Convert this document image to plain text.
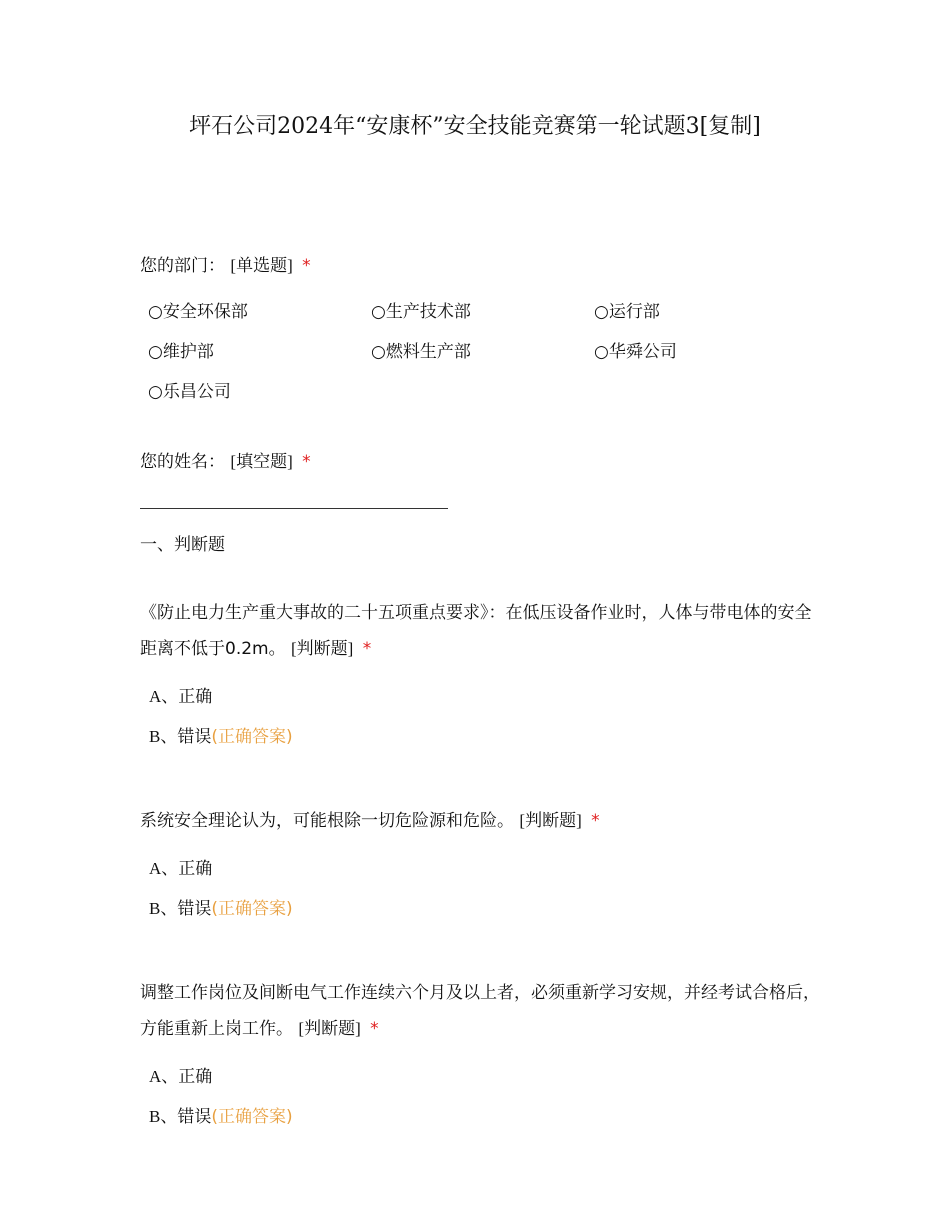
坪石公司2024年“安康杯”安全技能竞赛第一轮试题3[复制]

您的部门： [单选题] *

○安全环保部	○生产技术部	○运行部
○维护部	○燃料生产部	○华舜公司
○乐昌公司

您的姓名： [填空题] *

一、判断题

《防止电力生产重大事故的二十五项重点要求》：在低压设备作业时，人体与带电体的安全距离不低于0.2m。 [判断题] *

A、正确
B、错误(正确答案)

系统安全理论认为，可能根除一切危险源和危险。 [判断题] *

A、正确
B、错误(正确答案)

调整工作岗位及间断电气工作连续六个月及以上者，必须重新学习安规，并经考试合格后，方能重新上岗工作。 [判断题] *

A、正确
B、错误(正确答案)
